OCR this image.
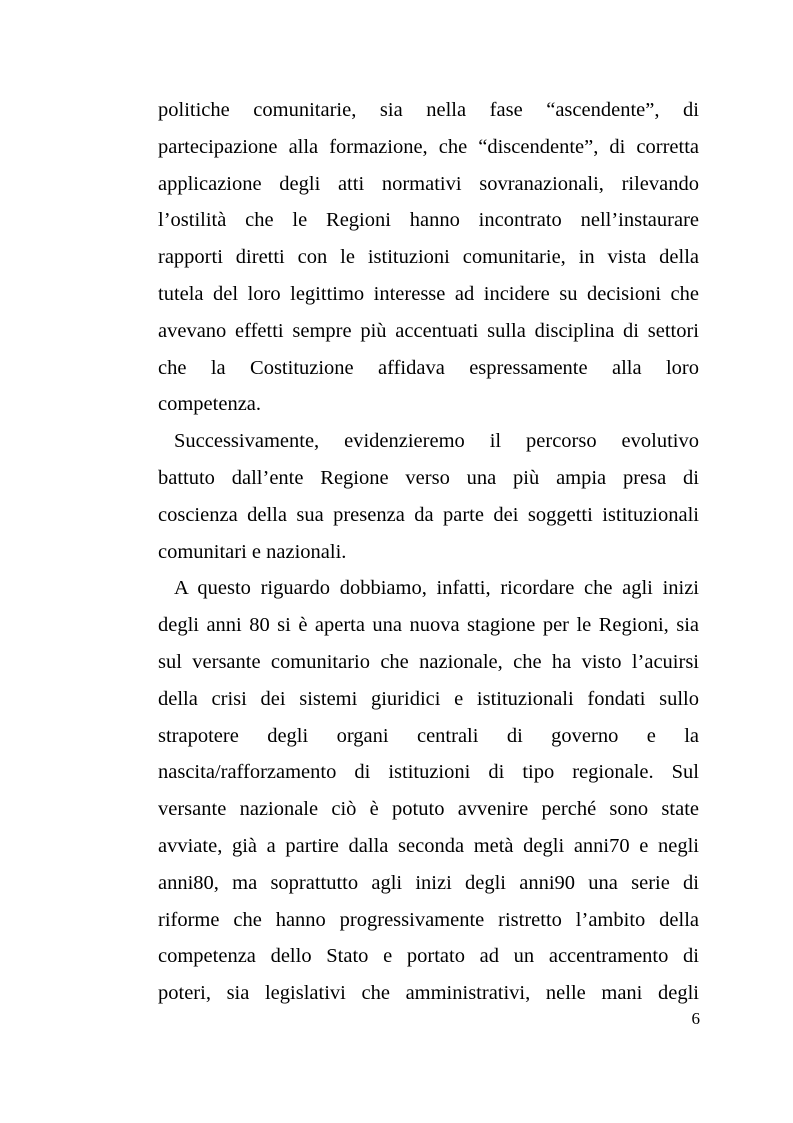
politiche comunitarie, sia nella fase “ascendente”, di
partecipazione alla formazione, che “discendente”, di corretta
applicazione degli atti normativi sovranazionali, rilevando
l’ostilità che le Regioni hanno incontrato nell’instaurare
rapporti diretti con le istituzioni comunitarie, in vista della
tutela del loro legittimo interesse ad incidere su decisioni che
avevano effetti sempre più accentuati sulla disciplina di settori
che la Costituzione affidava espressamente alla loro
competenza.
Successivamente, evidenzieremo il percorso evolutivo
battuto dall’ente Regione verso una più ampia presa di
coscienza della sua presenza da parte dei soggetti istituzionali
comunitari e nazionali.
A questo riguardo dobbiamo, infatti, ricordare che agli inizi
degli anni 80 si è aperta una nuova stagione per le Regioni, sia
sul versante comunitario che nazionale, che ha visto l’acuirsi
della crisi dei sistemi giuridici e istituzionali fondati sullo
strapotere degli organi centrali di governo e la
nascita/rafforzamento di istituzioni di tipo regionale. Sul
versante nazionale ciò è potuto avvenire perché sono state
avviate, già a partire dalla seconda metà degli anni70 e negli
anni80, ma soprattutto agli inizi degli anni90 una serie di
riforme che hanno progressivamente ristretto l’ambito della
competenza dello Stato e portato ad un accentramento di
poteri, sia legislativi che amministrativi, nelle mani degli
6
